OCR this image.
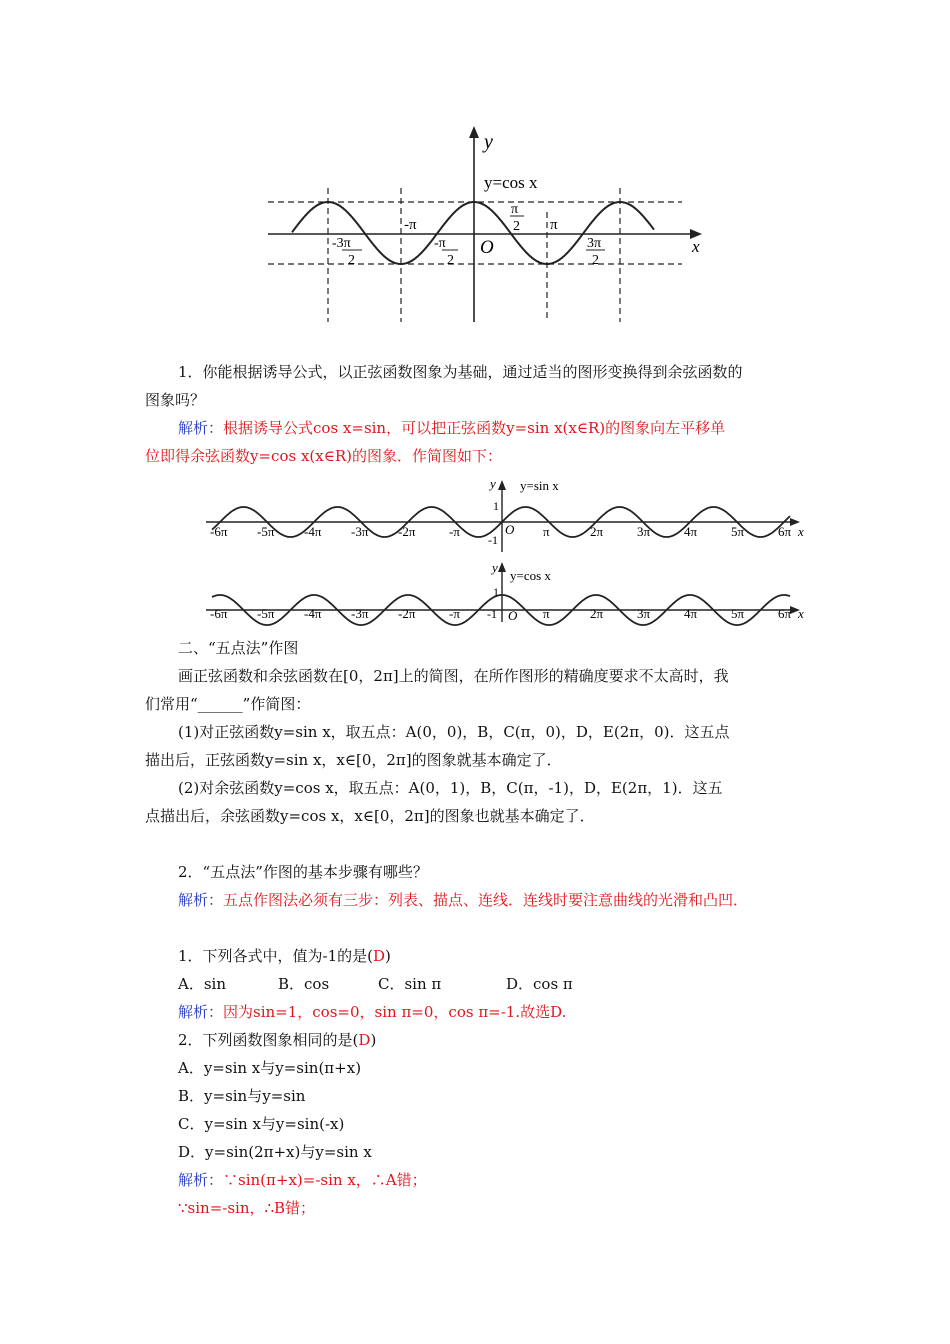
y
y=cos x
x
O
-π	π
π
2
-π
2
-3π
2
3π
2
1．你能根据诱导公式，以正弦函数图象为基础，通过适当的图形变换得到余弦函数的
图象吗？
解析：根据诱导公式cos x=sin，可以把正弦函数y=sin x(x∈R)的图象向左平移单
位即得余弦函数y=cos x(x∈R)的图象．作简图如下：
y y=sin x
1
-1
O	x
-6π -5π -4π -3π -2π	-π	π	2π	3π	4π	5π	6π
y
y=cos x
1
-1 O	x
-6π -5π -4π -3π -2π	-π	π	2π	3π	4π	5π	6π
二、“五点法”作图
画正弦函数和余弦函数在[0，2π]上的简图，在所作图形的精确度要求不太高时，我
们常用“______”作简图：
(1)对正弦函数y=sin x，取五点：A(0，0)，B，C(π，0)，D，E(2π，0)．这五点
描出后，正弦函数y=sin x，x∈[0，2π]的图象就基本确定了．
(2)对余弦函数y=cos x，取五点：A(0，1)，B，C(π，-1)，D，E(2π，1)．这五
点描出后，余弦函数y=cos x，x∈[0，2π]的图象也就基本确定了．
2．“五点法”作图的基本步骤有哪些？
解析：五点作图法必须有三步：列表、描点、连线．连线时要注意曲线的光滑和凸凹．
1．下列各式中，值为-1的是(D)
A．sin	B．cos	C．sin π	D．cos π
解析：因为sin=1，cos=0，sin π=0，cos π=-1.故选D.
2．下列函数图象相同的是(D)
A．y=sin x与y=sin(π+x)
B．y=sin与y=sin
C．y=sin x与y=sin(-x)
D．y=sin(2π+x)与y=sin x
解析：∵sin(π+x)=-sin x，∴A错；
∵sin=-sin，∴B错；
